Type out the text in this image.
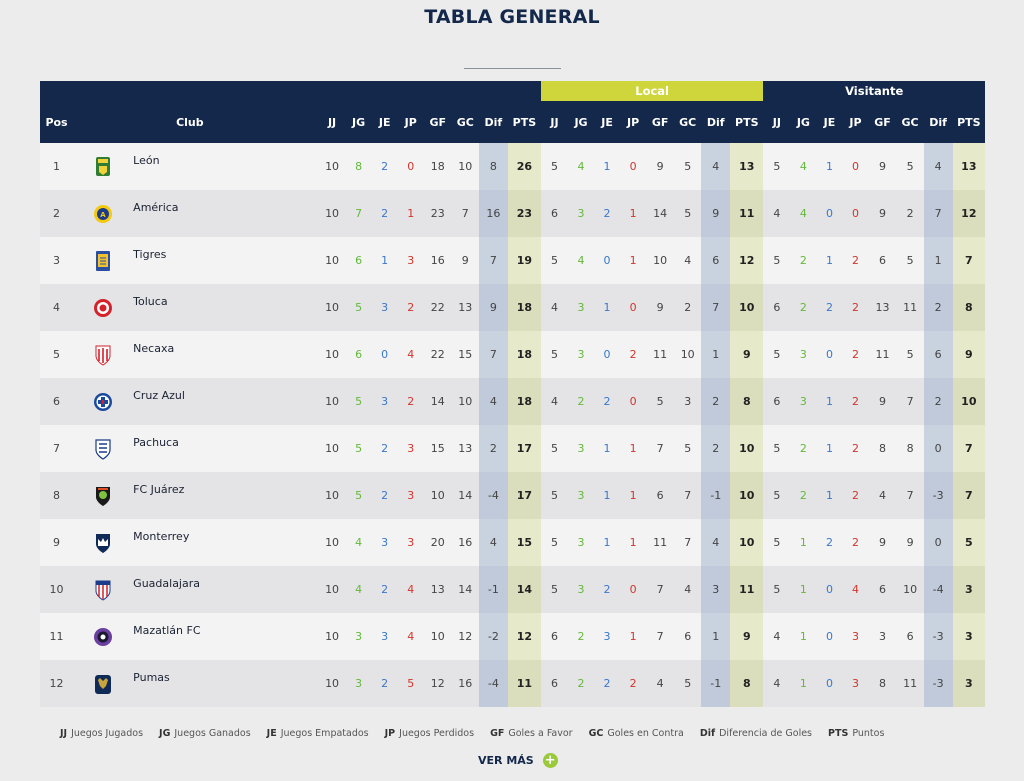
TABLA GENERAL
											Local								Visitante							
Pos	Club		JJ	JG	JE	JP	GF	GC	Dif	PTS	JJ	JG	JE	JP	GF	GC	Dif	PTS	JJ	JG	JE	JP	GF	GC	Dif	PTS
1		León	10	8	2	0	18	10	8	26	5	4	1	0	9	5	4	13	5	4	1	0	9	5	4	13
2	A	América	10	7	2	1	23	7	16	23	6	3	2	1	14	5	9	11	4	4	0	0	9	2	7	12
3		Tigres	10	6	1	3	16	9	7	19	5	4	0	1	10	4	6	12	5	2	1	2	6	5	1	7
4		Toluca	10	5	3	2	22	13	9	18	4	3	1	0	9	2	7	10	6	2	2	2	13	11	2	8
5		Necaxa	10	6	0	4	22	15	7	18	5	3	0	2	11	10	1	9	5	3	0	2	11	5	6	9
6		Cruz Azul	10	5	3	2	14	10	4	18	4	2	2	0	5	3	2	8	6	3	1	2	9	7	2	10
7		Pachuca	10	5	2	3	15	13	2	17	5	3	1	1	7	5	2	10	5	2	1	2	8	8	0	7
8		FC Juárez	10	5	2	3	10	14	-4	17	5	3	1	1	6	7	-1	10	5	2	1	2	4	7	-3	7
9		Monterrey	10	4	3	3	20	16	4	15	5	3	1	1	11	7	4	10	5	1	2	2	9	9	0	5
10		Guadalajara	10	4	2	4	13	14	-1	14	5	3	2	0	7	4	3	11	5	1	0	4	6	10	-4	3
11		Mazatlán FC	10	3	3	4	10	12	-2	12	6	2	3	1	7	6	1	9	4	1	0	3	3	6	-3	3
12		Pumas	10	3	2	5	12	16	-4	11	6	2	2	2	4	5	-1	8	4	1	0	3	8	11	-3	3
JJ Juegos Jugados JG Juegos Ganados JE Juegos Empatados JP Juegos Perdidos GF Goles a Favor GC Goles en Contra Dif Diferencia de Goles PTS Puntos
VER MÁS +
